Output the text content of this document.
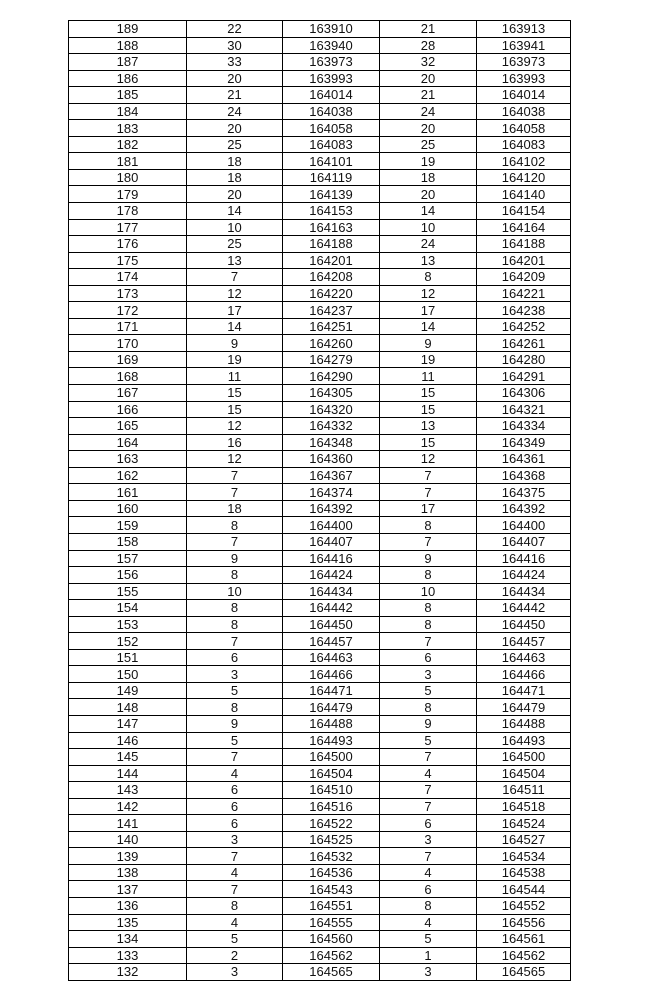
189	22	163910	21	163913
188	30	163940	28	163941
187	33	163973	32	163973
186	20	163993	20	163993
185	21	164014	21	164014
184	24	164038	24	164038
183	20	164058	20	164058
182	25	164083	25	164083
181	18	164101	19	164102
180	18	164119	18	164120
179	20	164139	20	164140
178	14	164153	14	164154
177	10	164163	10	164164
176	25	164188	24	164188
175	13	164201	13	164201
174	7	164208	8	164209
173	12	164220	12	164221
172	17	164237	17	164238
171	14	164251	14	164252
170	9	164260	9	164261
169	19	164279	19	164280
168	11	164290	11	164291
167	15	164305	15	164306
166	15	164320	15	164321
165	12	164332	13	164334
164	16	164348	15	164349
163	12	164360	12	164361
162	7	164367	7	164368
161	7	164374	7	164375
160	18	164392	17	164392
159	8	164400	8	164400
158	7	164407	7	164407
157	9	164416	9	164416
156	8	164424	8	164424
155	10	164434	10	164434
154	8	164442	8	164442
153	8	164450	8	164450
152	7	164457	7	164457
151	6	164463	6	164463
150	3	164466	3	164466
149	5	164471	5	164471
148	8	164479	8	164479
147	9	164488	9	164488
146	5	164493	5	164493
145	7	164500	7	164500
144	4	164504	4	164504
143	6	164510	7	164511
142	6	164516	7	164518
141	6	164522	6	164524
140	3	164525	3	164527
139	7	164532	7	164534
138	4	164536	4	164538
137	7	164543	6	164544
136	8	164551	8	164552
135	4	164555	4	164556
134	5	164560	5	164561
133	2	164562	1	164562
132	3	164565	3	164565
